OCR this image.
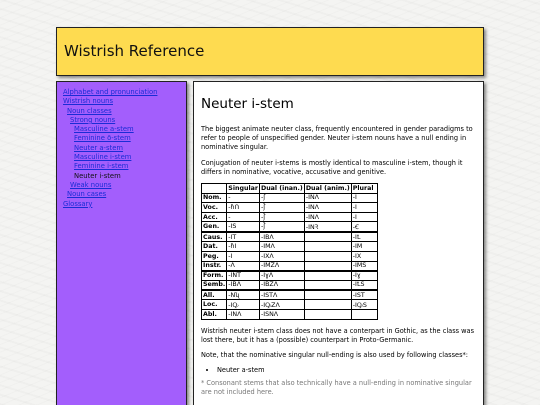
Wistrish Reference
Alphabet and pronunciation
Wistrish nouns
Noun classes
Strong nouns
Masculine a-stem
Feminine ō-stem
Neuter a-stem
Masculine i-stem
Feminine i-stem
Neuter i-stem
Weak nouns
Noun cases
Glossary
Neuter i-stem

The biggest animate neuter class, frequently encountered in gender paradigms to refer to people of unspecified gender. Neuter i-stem nouns have a null ending in nominative singular.

Conjugation of neuter i-stems is mostly identical to masculine i-stem, though it differs in nominative, vocative, accusative and genitive.

	Singular	Dual (inan.)	Dual (anim.)	Plural
Nom.	-	-ʃ̄	-INɅ	-I
Voc.	-ɦՈ	-ʃ̄	-INɅ	-I
Acc.	-	-ʃ̄	-INɅ	-I
Gen.	-IS	-ʃ̄	-INꝚ	-Ꞓ
Caus.	-IT	-IBɅ		-IꝈ
Dat.	-ɦI	-IMɅ		-IM
Peg.	-I	-IXɅ		-IX
Instr.	-Ʌ	-IMZɅ		-IMS
Form.	-INT	-IɣɅ		-Iɣ
Semb.	-IBɅ	-IBZɅ		-IꝈS
All.	-Nʯ	-ISTɅ		-IST
Loc.	-IꝘ	-IꝘZɅ		-IꝘS
Abl.	-INɅ	-ISNɅ		

Wistrish neuter i-stem class does not have a conterpart in Gothic, as the class was lost there, but it has a (possible) counterpart in Proto-Germanic.

Note, that the nominative singular null-ending is also used by following classes*:

• Neuter a-stem

* Consonant stems that also technically have a null-ending in nominative singular are not included here.
